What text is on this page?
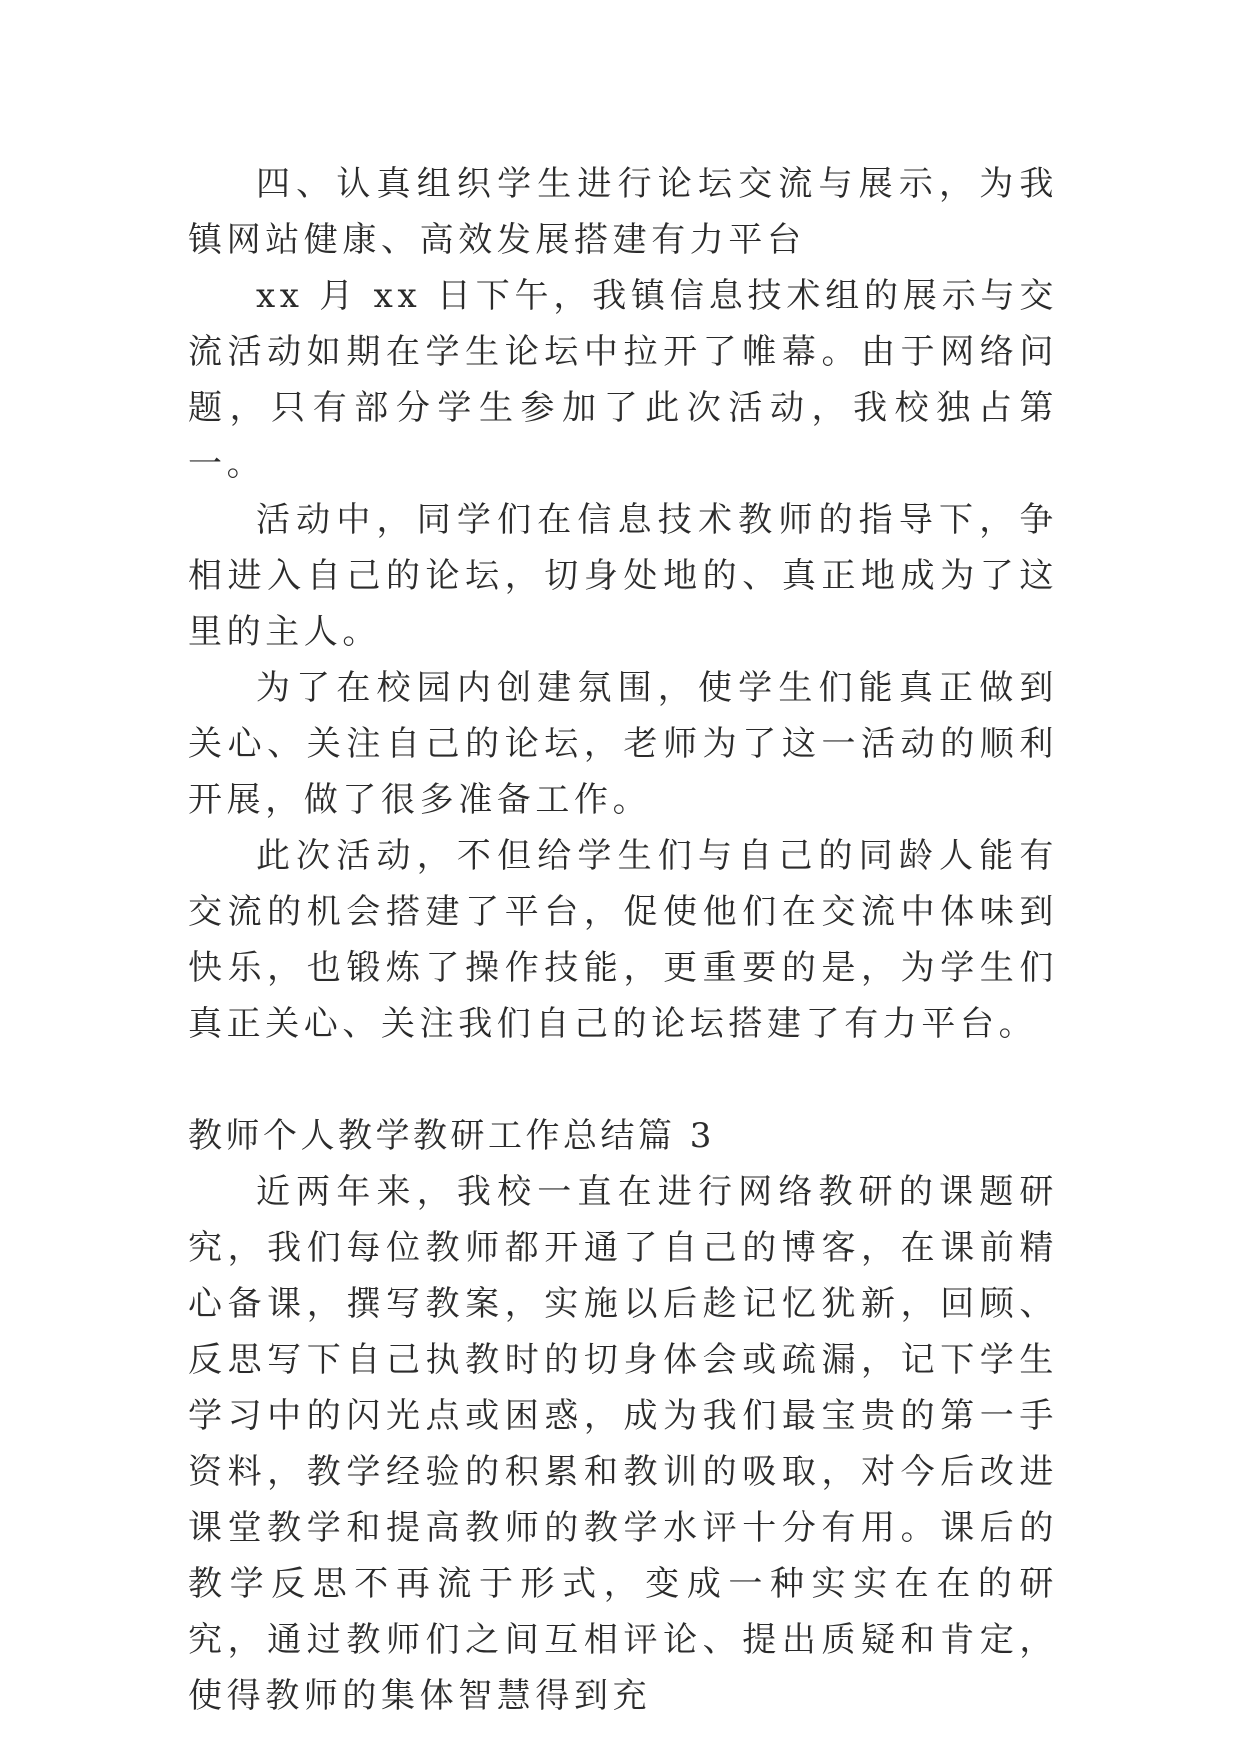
四、认真组织学生进行论坛交流与展示，为我镇网站健康、高效发展搭建有力平台

xx 月 xx 日下午，我镇信息技术组的展示与交流活动如期在学生论坛中拉开了帷幕。由于网络问题，只有部分学生参加了此次活动，我校独占第一。

活动中，同学们在信息技术教师的指导下，争相进入自己的论坛，切身处地的、真正地成为了这里的主人。

为了在校园内创建氛围，使学生们能真正做到关心、关注自己的论坛，老师为了这一活动的顺利开展，做了很多准备工作。

此次活动，不但给学生们与自己的同龄人能有交流的机会搭建了平台，促使他们在交流中体味到快乐，也锻炼了操作技能，更重要的是，为学生们真正关心、关注我们自己的论坛搭建了有力平台。

教师个人教学教研工作总结篇 3

近两年来，我校一直在进行网络教研的课题研究，我们每位教师都开通了自己的博客，在课前精心备课，撰写教案，实施以后趁记忆犹新，回顾、反思写下自己执教时的切身体会或疏漏，记下学生学习中的闪光点或困惑，成为我们最宝贵的第一手资料，教学经验的积累和教训的吸取，对今后改进课堂教学和提高教师的教学水评十分有用。课后的教学反思不再流于形式，变成一种实实在在的研究，通过教师们之间互相评论、提出质疑和肯定，使得教师的集体智慧得到充
